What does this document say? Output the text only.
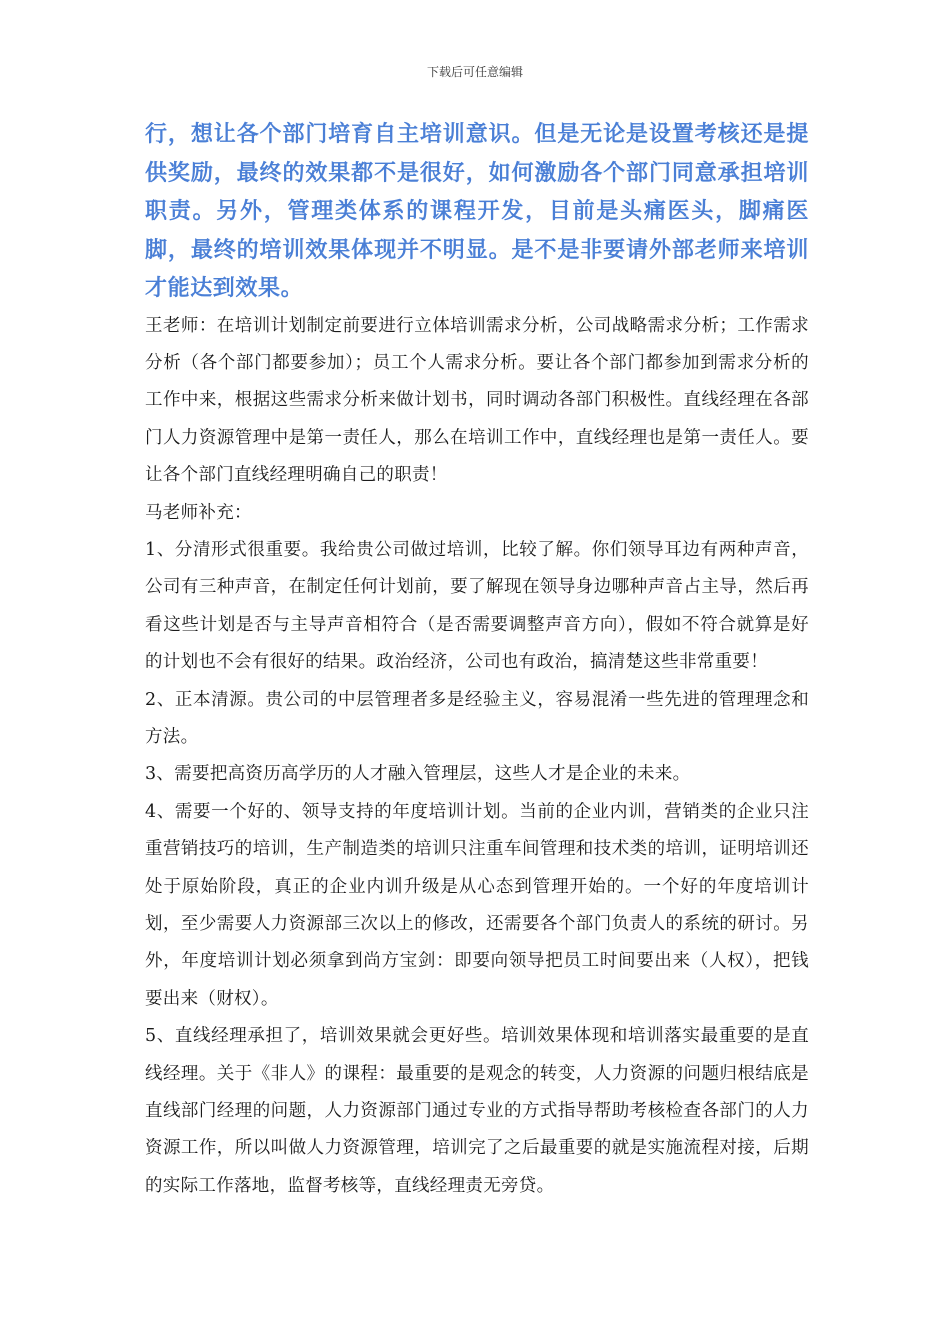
下载后可任意编辑

行，想让各个部门培育自主培训意识。但是无论是设置考核还是提供奖励，最终的效果都不是很好，如何激励各个部门同意承担培训职责。另外，管理类体系的课程开发，目前是头痛医头，脚痛医脚，最终的培训效果体现并不明显。是不是非要请外部老师来培训才能达到效果。

王老师：在培训计划制定前要进行立体培训需求分析，公司战略需求分析；工作需求分析（各个部门都要参加）；员工个人需求分析。要让各个部门都参加到需求分析的工作中来，根据这些需求分析来做计划书，同时调动各部门积极性。直线经理在各部门人力资源管理中是第一责任人，那么在培训工作中，直线经理也是第一责任人。要让各个部门直线经理明确自己的职责！

马老师补充：

1、分清形式很重要。我给贵公司做过培训，比较了解。你们领导耳边有两种声音，公司有三种声音，在制定任何计划前，要了解现在领导身边哪种声音占主导，然后再看这些计划是否与主导声音相符合（是否需要调整声音方向），假如不符合就算是好的计划也不会有很好的结果。政治经济，公司也有政治，搞清楚这些非常重要！

2、正本清源。贵公司的中层管理者多是经验主义，容易混淆一些先进的管理理念和方法。

3、需要把高资历高学历的人才融入管理层，这些人才是企业的未来。

4、需要一个好的、领导支持的年度培训计划。当前的企业内训，营销类的企业只注重营销技巧的培训，生产制造类的培训只注重车间管理和技术类的培训，证明培训还处于原始阶段，真正的企业内训升级是从心态到管理开始的。一个好的年度培训计划，至少需要人力资源部三次以上的修改，还需要各个部门负责人的系统的研讨。另外，年度培训计划必须拿到尚方宝剑：即要向领导把员工时间要出来（人权），把钱要出来（财权）。

5、直线经理承担了，培训效果就会更好些。培训效果体现和培训落实最重要的是直线经理。关于《非人》的课程：最重要的是观念的转变，人力资源的问题归根结底是直线部门经理的问题，人力资源部门通过专业的方式指导帮助考核检查各部门的人力资源工作，所以叫做人力资源管理，培训完了之后最重要的就是实施流程对接，后期的实际工作落地，监督考核等，直线经理责无旁贷。
